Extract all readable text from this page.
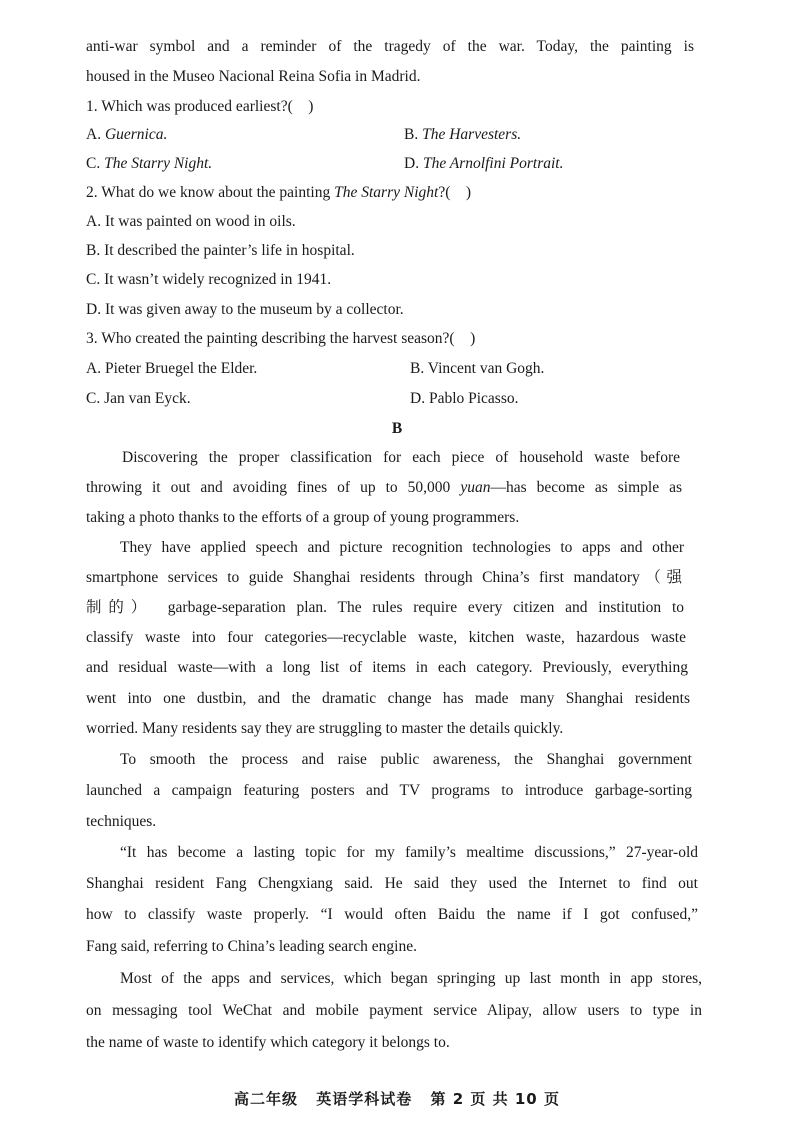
anti-war symbol and a reminder of the tragedy of the war. Today, the painting is
housed in the Museo Nacional Reina Sofia in Madrid.
1. Which was produced earliest?(　)
A. Guernica.	B. The Harvesters.
C. The Starry Night.	D. The Arnolfini Portrait.
2. What do we know about the painting The Starry Night?(　)
A. It was painted on wood in oils.
B. It described the painter’s life in hospital.
C. It wasn’t widely recognized in 1941.
D. It was given away to the museum by a collector.
3. Who created the painting describing the harvest season?(　)
A. Pieter Bruegel the Elder.	B. Vincent van Gogh.
C. Jan van Eyck.	D. Pablo Picasso.
B
Discovering the proper classification for each piece of household waste before
throwing it out and avoiding fines of up to 50,000 yuan—has become as simple as
taking a photo thanks to the efforts of a group of young programmers.
They have applied speech and picture recognition technologies to apps and other
smartphone services to guide Shanghai residents through China’s first mandatory（强
制的）　garbage-separation plan. The rules require every citizen and institution to
classify waste into four categories—recyclable waste, kitchen waste, hazardous waste
and residual waste—with a long list of items in each category. Previously, everything
went into one dustbin, and the dramatic change has made many Shanghai residents
worried. Many residents say they are struggling to master the details quickly.
To smooth the process and raise public awareness, the Shanghai government
launched a campaign featuring posters and TV programs to introduce garbage-sorting
techniques.
“It has become a lasting topic for my family’s mealtime discussions,” 27-year-old
Shanghai resident Fang Chengxiang said. He said they used the Internet to find out
how to classify waste properly. “I would often Baidu the name if I got confused,”
Fang said, referring to China’s leading search engine.
Most of the apps and services, which began springing up last month in app stores,
on messaging tool WeChat and mobile payment service Alipay, allow users to type in
the name of waste to identify which category it belongs to.
高二年级 英语学科试卷 第 2 页 共 10 页
